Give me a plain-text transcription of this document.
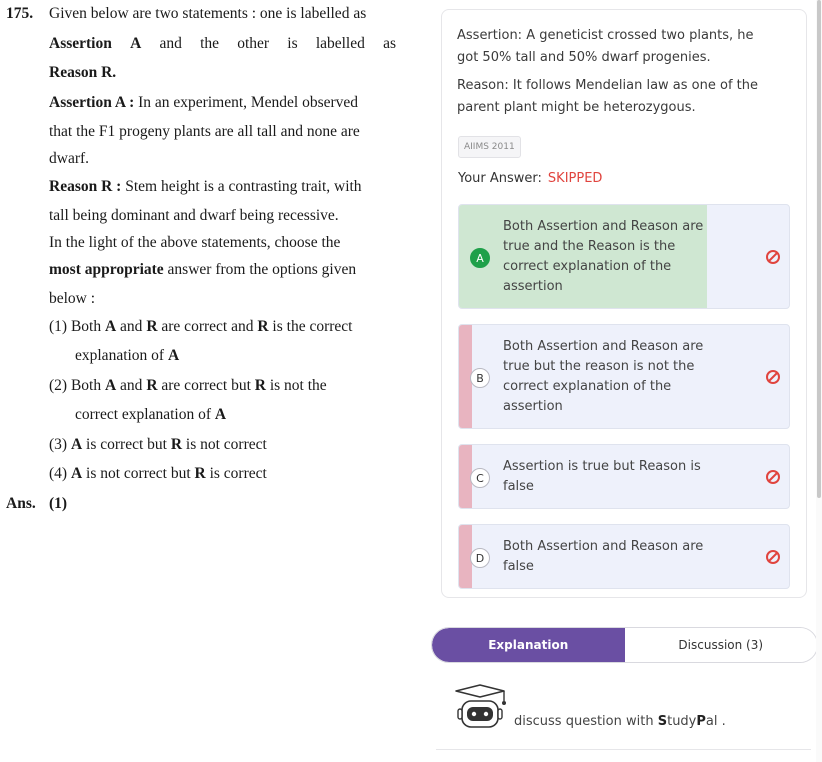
175. Given below are two statements : one is labelled as
Assertion A and the other is labelled as
Reason R.
Assertion A : In an experiment, Mendel observed
that the F1 progeny plants are all tall and none are
dwarf.
Reason R : Stem height is a contrasting trait, with
tall being dominant and dwarf being recessive.
In the light of the above statements, choose the
most appropriate answer from the options given
below :
(1) Both A and R are correct and R is the correct
explanation of A
(2) Both A and R are correct but R is not the
correct explanation of A
(3) A is correct but R is not correct
(4) A is not correct but R is correct
Ans. (1)
Assertion: A geneticist crossed two plants, he
got 50% tall and 50% dwarf progenies.
Reason: It follows Mendelian law as one of the
parent plant might be heterozygous.
AIIMS 2011
Your Answer: SKIPPED
A
Both Assertion and Reason are
true and the Reason is the
correct explanation of the
assertion
B
Both Assertion and Reason are
true but the reason is not the
correct explanation of the
assertion
C
Assertion is true but Reason is
false
D
Both Assertion and Reason are
false
Explanation	Discussion (3)
discuss question with StudyPal .
